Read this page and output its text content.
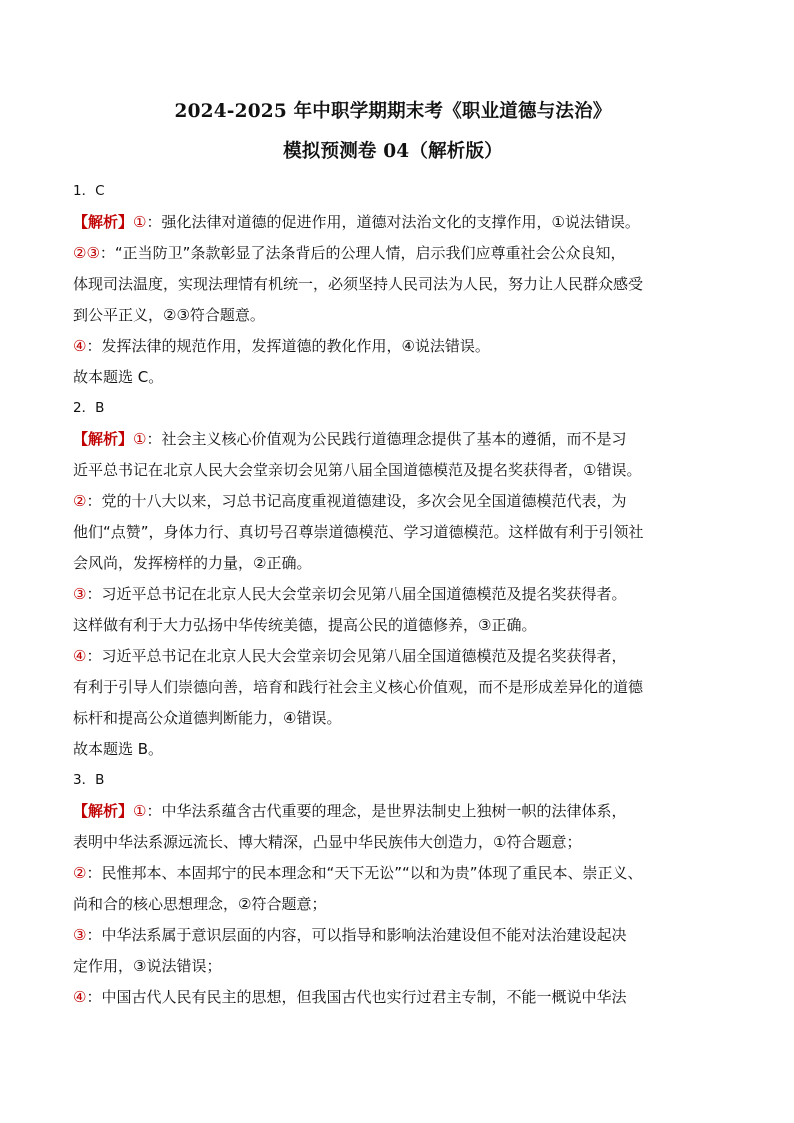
2024-2025 年中职学期期末考《职业道德与法治》
模拟预测卷 04（解析版）
1．C
【解析】①：强化法律对道德的促进作用，道德对法治文化的支撑作用，①说法错误。
②③：“正当防卫”条款彰显了法条背后的公理人情，启示我们应尊重社会公众良知，
体现司法温度，实现法理情有机统一，必须坚持人民司法为人民，努力让人民群众感受
到公平正义，②③符合题意。
④：发挥法律的规范作用，发挥道德的教化作用，④说法错误。
故本题选 C。
2．B
【解析】①：社会主义核心价值观为公民践行道德理念提供了基本的遵循，而不是习
近平总书记在北京人民大会堂亲切会见第八届全国道德模范及提名奖获得者，①错误。
②：党的十八大以来，习总书记高度重视道德建设，多次会见全国道德模范代表，为
他们“点赞”，身体力行、真切号召尊崇道德模范、学习道德模范。这样做有利于引领社
会风尚，发挥榜样的力量，②正确。
③：习近平总书记在北京人民大会堂亲切会见第八届全国道德模范及提名奖获得者。
这样做有利于大力弘扬中华传统美德，提高公民的道德修养，③正确。
④：习近平总书记在北京人民大会堂亲切会见第八届全国道德模范及提名奖获得者，
有利于引导人们崇德向善，培育和践行社会主义核心价值观，而不是形成差异化的道德
标杆和提高公众道德判断能力，④错误。
故本题选 B。
3．B
【解析】①：中华法系蕴含古代重要的理念，是世界法制史上独树一帜的法律体系，
表明中华法系源远流长、博大精深，凸显中华民族伟大创造力，①符合题意；
②：民惟邦本、本固邦宁的民本理念和“天下无讼”“以和为贵”体现了重民本、崇正义、
尚和合的核心思想理念，②符合题意；
③：中华法系属于意识层面的内容，可以指导和影响法治建设但不能对法治建设起决
定作用，③说法错误；
④：中国古代人民有民主的思想，但我国古代也实行过君主专制，不能一概说中华法
